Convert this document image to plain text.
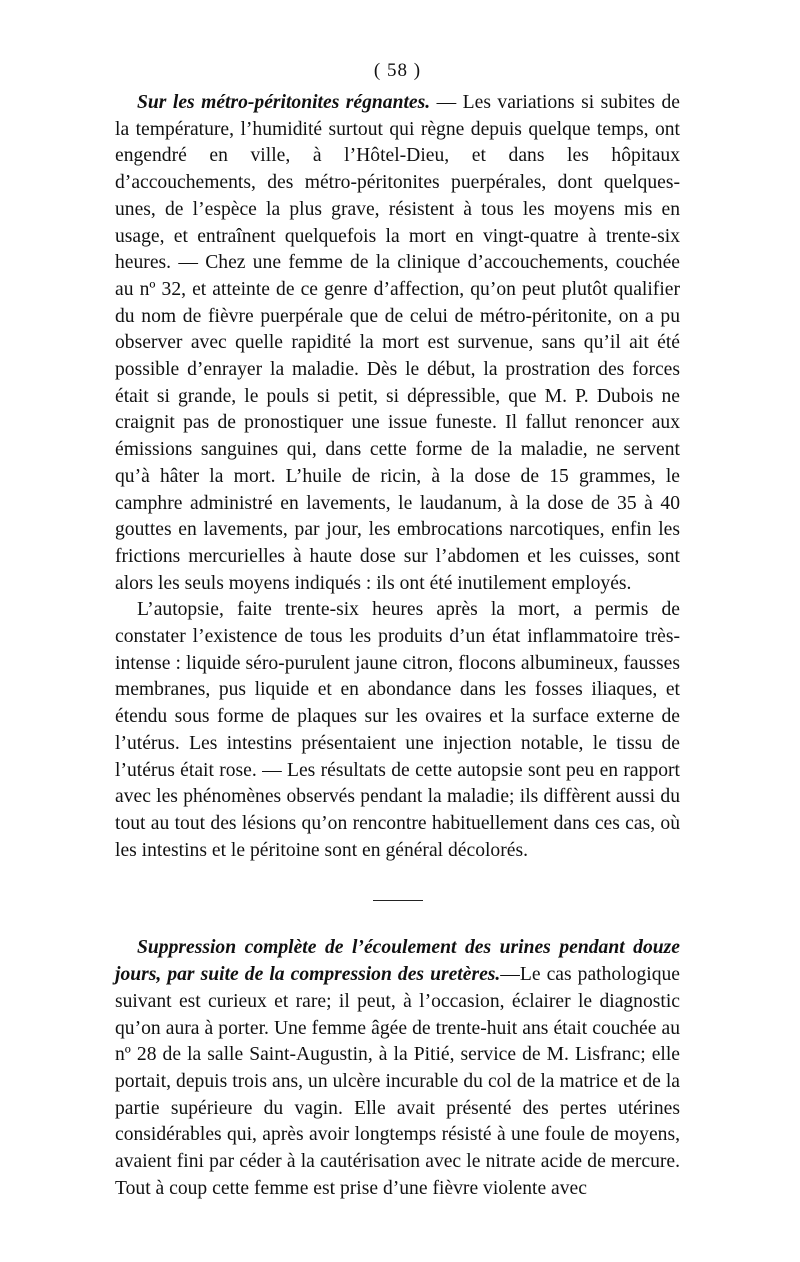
( 58 )

Sur les métro-péritonites régnantes. — Les variations si subites de la température, l’humidité surtout qui règne depuis quelque temps, ont engendré en ville, à l’Hôtel-Dieu, et dans les hôpitaux d’accouchements, des métro-péritonites puerpérales, dont quelques-unes, de l’espèce la plus grave, résistent à tous les moyens mis en usage, et entraînent quelquefois la mort en vingt-quatre à trente-six heures. — Chez une femme de la clinique d’accouchements, couchée au nº 32, et atteinte de ce genre d’affection, qu’on peut plutôt qualifier du nom de fièvre puerpérale que de celui de métro-péritonite, on a pu observer avec quelle rapidité la mort est survenue, sans qu’il ait été possible d’enrayer la maladie. Dès le début, la prostration des forces était si grande, le pouls si petit, si dépressible, que M. P. Dubois ne craignit pas de pronostiquer une issue funeste. Il fallut renoncer aux émissions sanguines qui, dans cette forme de la maladie, ne servent qu’à hâter la mort. L’huile de ricin, à la dose de 15 grammes, le camphre administré en lavements, le laudanum, à la dose de 35 à 40 gouttes en lavements, par jour, les embrocations narcotiques, enfin les frictions mercurielles à haute dose sur l’abdomen et les cuisses, sont alors les seuls moyens indiqués : ils ont été inutilement employés.

L’autopsie, faite trente-six heures après la mort, a permis de constater l’existence de tous les produits d’un état inflammatoire très-intense : liquide séro-purulent jaune citron, flocons albumineux, fausses membranes, pus liquide et en abondance dans les fosses iliaques, et étendu sous forme de plaques sur les ovaires et la surface externe de l’utérus. Les intestins présentaient une injection notable, le tissu de l’utérus était rose. — Les résultats de cette autopsie sont peu en rapport avec les phénomènes observés pendant la maladie; ils diffèrent aussi du tout au tout des lésions qu’on rencontre habituellement dans ces cas, où les intestins et le péritoine sont en général décolorés.

Suppression complète de l’écoulement des urines pendant douze jours, par suite de la compression des uretères.—Le cas pathologique suivant est curieux et rare; il peut, à l’occasion, éclairer le diagnostic qu’on aura à porter. Une femme âgée de trente-huit ans était couchée au nº 28 de la salle Saint-Augustin, à la Pitié, service de M. Lisfranc; elle portait, depuis trois ans, un ulcère incurable du col de la matrice et de la partie supérieure du vagin. Elle avait présenté des pertes utérines considérables qui, après avoir longtemps résisté à une foule de moyens, avaient fini par céder à la cautérisation avec le nitrate acide de mercure. Tout à coup cette femme est prise d’une fièvre violente avec
